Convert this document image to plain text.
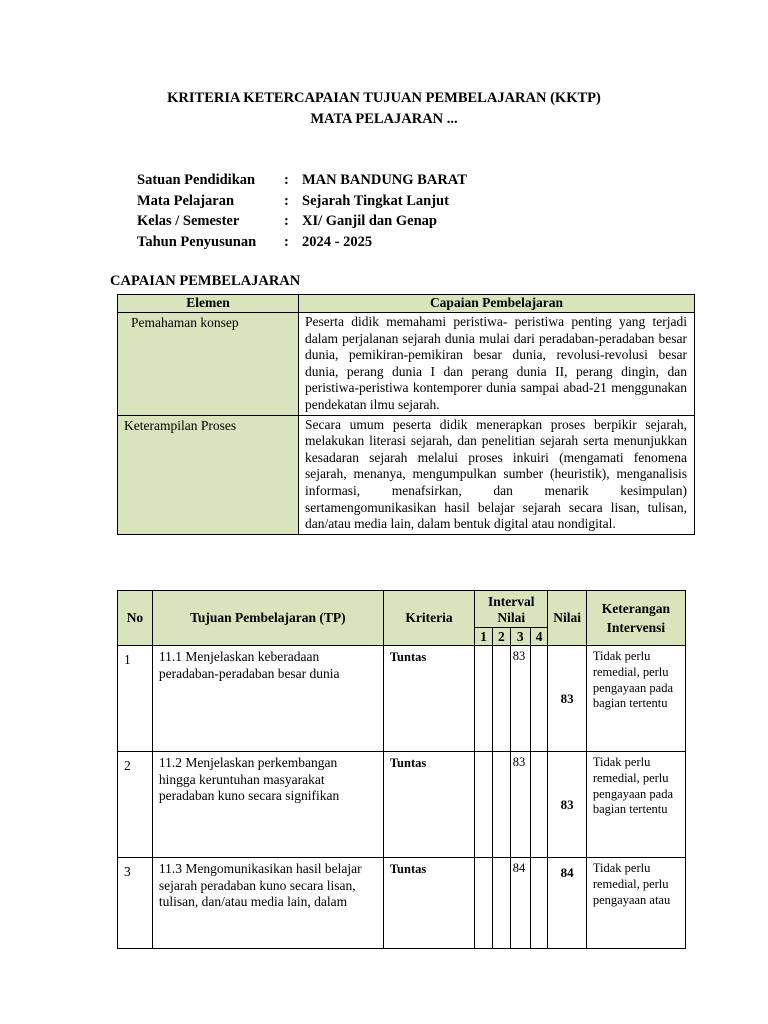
KRITERIA KETERCAPAIAN TUJUAN PEMBELAJARAN (KKTP)
MATA PELAJARAN ...
Satuan Pendidikan	: MAN BANDUNG BARAT
Mata Pelajaran	: Sejarah Tingkat Lanjut
Kelas / Semester	: XI/ Ganjil dan Genap
Tahun Penyusunan	: 2024 - 2025
CAPAIAN PEMBELAJARAN
Elemen	Capaian Pembelajaran
Pemahaman konsep	Peserta didik memahami peristiwa- peristiwa penting yang terjadi dalam perjalanan sejarah dunia mulai dari peradaban-peradaban besar dunia, pemikiran-pemikiran besar dunia, revolusi-revolusi besar dunia, perang dunia I dan perang dunia II, perang dingin, dan peristiwa-peristiwa kontemporer dunia sampai abad-21 menggunakan pendekatan ilmu sejarah.
Keterampilan Proses	Secara umum peserta didik menerapkan proses berpikir sejarah, melakukan literasi sejarah, dan penelitian sejarah serta menunjukkan kesadaran sejarah melalui proses inkuiri (mengamati fenomena sejarah, menanya, mengumpulkan sumber (heuristik), menganalisis informasi, menafsirkan, dan menarik kesimpulan) sertamengomunikasikan hasil belajar sejarah secara lisan, tulisan, dan/atau media lain, dalam bentuk digital atau nondigital.
No	Tujuan Pembelajaran (TP)	Kriteria	Interval Nilai				Nilai	Keterangan Intervensi
			1	2	3	4		
1	11.1 Menjelaskan keberadaan
peradaban-peradaban besar dunia	Tuntas			83		83	Tidak perlu remedial, perlu pengayaan pada bagian tertentu
2	11.2 Menjelaskan perkembangan
hingga keruntuhan masyarakat
peradaban kuno secara signifikan	Tuntas			83		83	Tidak perlu remedial, perlu pengayaan pada bagian tertentu
3	11.3 Mengomunikasikan hasil belajar
sejarah peradaban kuno secara lisan,
tulisan, dan/atau media lain, dalam	Tuntas			84		84	Tidak perlu remedial, perlu pengayaan atau
